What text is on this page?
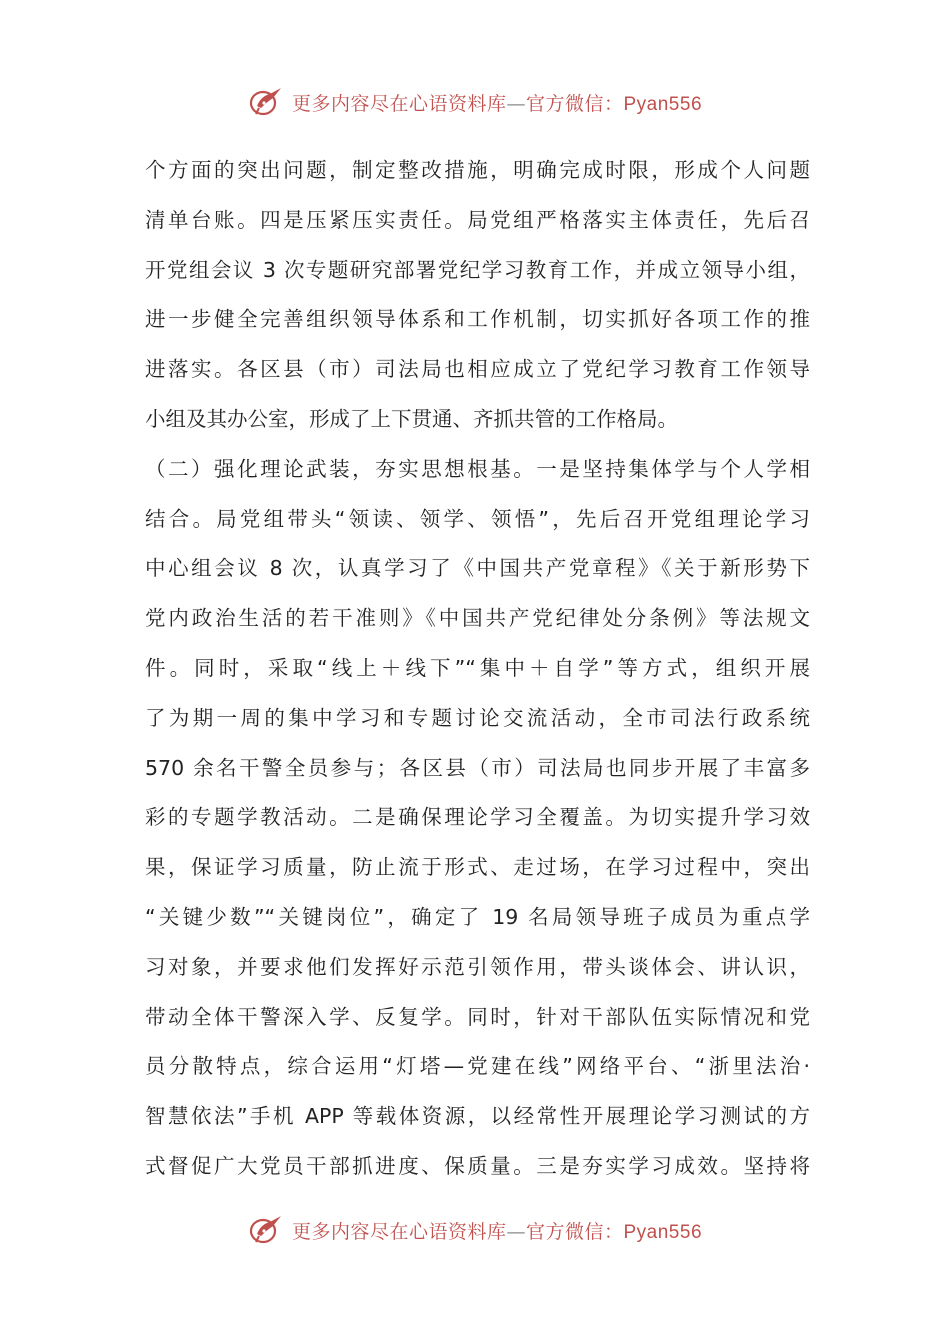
更多内容尽在心语资料库—官方微信：Pyan556
个方面的突出问题，制定整改措施，明确完成时限，形成个人问题
清单台账。四是压紧压实责任。局党组严格落实主体责任，先后召
开党组会议 3 次专题研究部署党纪学习教育工作，并成立领导小组，
进一步健全完善组织领导体系和工作机制，切实抓好各项工作的推
进落实。各区县（市）司法局也相应成立了党纪学习教育工作领导
小组及其办公室，形成了上下贯通、齐抓共管的工作格局。
（二）强化理论武装，夯实思想根基。一是坚持集体学与个人学相
结合。局党组带头“领读、领学、领悟”，先后召开党组理论学习
中心组会议 8 次，认真学习了《中国共产党章程》《关于新形势下
党内政治生活的若干准则》《中国共产党纪律处分条例》等法规文
件。同时，采取“线上＋线下”“集中＋自学”等方式，组织开展
了为期一周的集中学习和专题讨论交流活动，全市司法行政系统
570 余名干警全员参与；各区县（市）司法局也同步开展了丰富多
彩的专题学教活动。二是确保理论学习全覆盖。为切实提升学习效
果，保证学习质量，防止流于形式、走过场，在学习过程中，突出
“关键少数”“关键岗位”，确定了 19 名局领导班子成员为重点学
习对象，并要求他们发挥好示范引领作用，带头谈体会、讲认识，
带动全体干警深入学、反复学。同时，针对干部队伍实际情况和党
员分散特点，综合运用“灯塔—党建在线”网络平台、“浙里法治·
智慧依法”手机 APP 等载体资源，以经常性开展理论学习测试的方
式督促广大党员干部抓进度、保质量。三是夯实学习成效。坚持将
更多内容尽在心语资料库—官方微信：Pyan556
